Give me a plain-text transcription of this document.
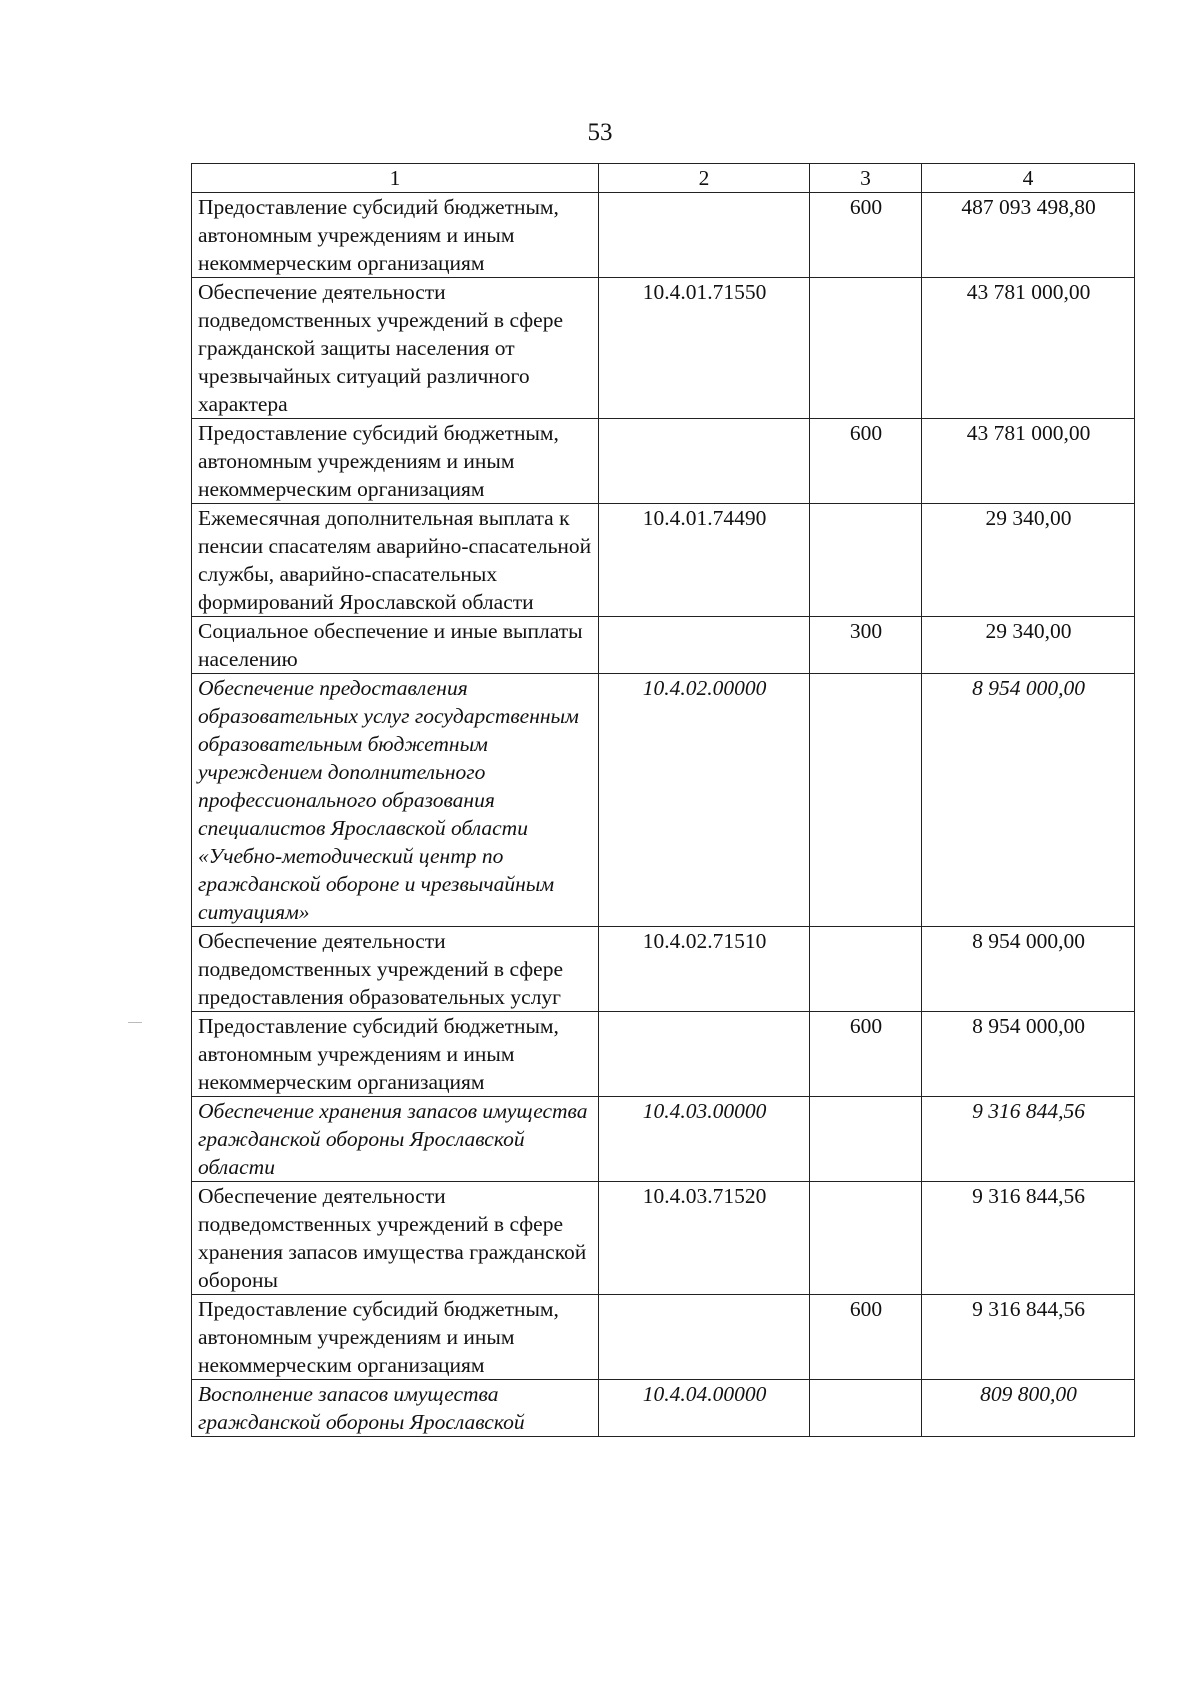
53
1	2	3	4
Предоставление субсидий бюджетным, автономным учреждениям и иным некоммерческим организациям		600	487 093 498,80
Обеспечение деятельности подведомственных учреждений в сфере гражданской защиты населения от чрезвычайных ситуаций различного характера	10.4.01.71550		43 781 000,00
Предоставление субсидий бюджетным, автономным учреждениям и иным некоммерческим организациям		600	43 781 000,00
Ежемесячная дополнительная выплата к пенсии спасателям аварийно-спасательной службы, аварийно-спасательных формирований Ярославской области	10.4.01.74490		29 340,00
Социальное обеспечение и иные выплаты населению		300	29 340,00
Обеспечение предоставления образовательных услуг государственным образовательным бюджетным учреждением дополнительного профессионального образования специалистов Ярославской области «Учебно-методический центр по гражданской обороне и чрезвычайным ситуациям»	10.4.02.00000		8 954 000,00
Обеспечение деятельности подведомственных учреждений в сфере предоставления образовательных услуг	10.4.02.71510		8 954 000,00
Предоставление субсидий бюджетным, автономным учреждениям и иным некоммерческим организациям		600	8 954 000,00
Обеспечение хранения запасов имущества гражданской обороны Ярославской области	10.4.03.00000		9 316 844,56
Обеспечение деятельности подведомственных учреждений в сфере хранения запасов имущества гражданской обороны	10.4.03.71520		9 316 844,56
Предоставление субсидий бюджетным, автономным учреждениям и иным некоммерческим организациям		600	9 316 844,56
Восполнение запасов имущества гражданской обороны Ярославской	10.4.04.00000		809 800,00
